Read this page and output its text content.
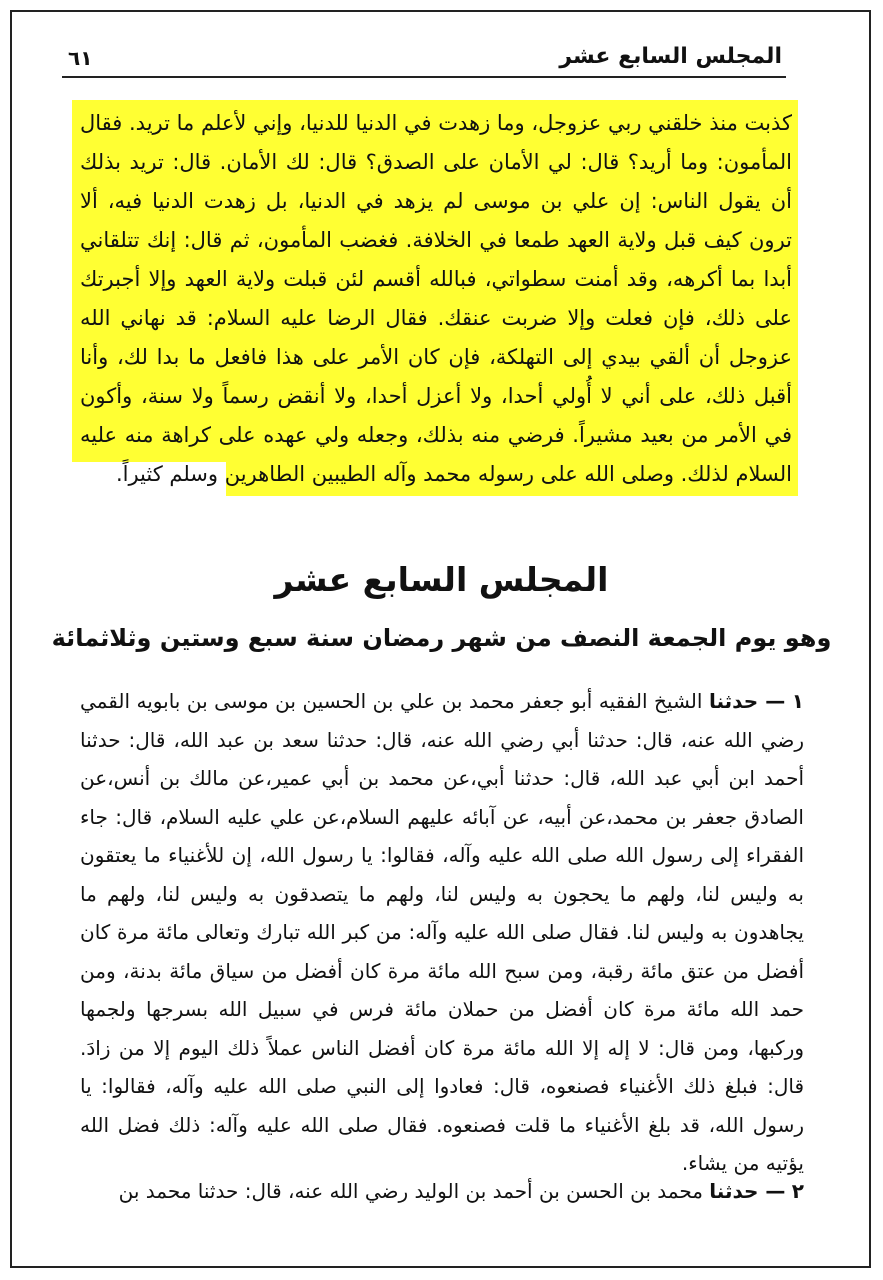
المجلس السابع عشر
٦١

كذبت منذ خلقني ربي عزوجل، وما زهدت في الدنيا للدنيا، وإني لأعلم ما تريد. فقال المأمون: وما أريد؟ قال: لي الأمان على الصدق؟ قال: لك الأمان. قال: تريد بذلك أن يقول الناس: إن علي بن موسى لم يزهد في الدنيا، بل زهدت الدنيا فيه، ألا ترون كيف قبل ولاية العهد طمعا في الخلافة. فغضب المأمون، ثم قال: إنك تتلقاني أبدا بما أكرهه، وقد أمنت سطواتي، فبالله أقسم لئن قبلت ولاية العهد وإلا أجبرتك على ذلك، فإن فعلت وإلا ضربت عنقك. فقال الرضا عليه السلام: قد نهاني الله عزوجل أن ألقي بيدي إلى التهلكة، فإن كان الأمر على هذا فافعل ما بدا لك، وأنا أقبل ذلك، على أني لا أُولي أحدا، ولا أعزل أحدا، ولا أنقض رسماً ولا سنة، وأكون في الأمر من بعيد مشيراً. فرضي منه بذلك، وجعله ولي عهده على كراهة منه عليه السلام لذلك. وصلى الله على رسوله محمد وآله الطيبين الطاهرين وسلم كثيراً.

المجلس السابع عشر
وهو يوم الجمعة النصف من شهر رمضان سنة سبع وستين وثلاثمائة

١ — حدثنا الشيخ الفقيه أبو جعفر محمد بن علي بن الحسين بن موسى بن بابويه القمي رضي الله عنه، قال: حدثنا أبي رضي الله عنه، قال: حدثنا سعد بن عبد الله، قال: حدثنا أحمد ابن أبي عبد الله، قال: حدثنا أبي،عن محمد بن أبي عمير،عن مالك بن أنس،عن الصادق جعفر بن محمد،عن أبيه، عن آبائه عليهم السلام،عن علي عليه السلام، قال: جاء الفقراء إلى رسول الله صلى الله عليه وآله، فقالوا: يا رسول الله، إن للأغنياء ما يعتقون به وليس لنا، ولهم ما يحجون به وليس لنا، ولهم ما يتصدقون به وليس لنا، ولهم ما يجاهدون به وليس لنا. فقال صلى الله عليه وآله: من كبر الله تبارك وتعالى مائة مرة كان أفضل من عتق مائة رقبة، ومن سبح الله مائة مرة كان أفضل من سياق مائة بدنة، ومن حمد الله مائة مرة كان أفضل من حملان مائة فرس في سبيل الله بسرجها ولجمها وركبها، ومن قال: لا إله إلا الله مائة مرة كان أفضل الناس عملاً ذلك اليوم إلا من زادَ. قال: فبلغ ذلك الأغنياء فصنعوه، قال: فعادوا إلى النبي صلى الله عليه وآله، فقالوا: يا رسول الله، قد بلغ الأغنياء ما قلت فصنعوه. فقال صلى الله عليه وآله: ذلك فضل الله يؤتيه من يشاء.

٢ — حدثنا محمد بن الحسن بن أحمد بن الوليد رضي الله عنه، قال: حدثنا محمد بن
